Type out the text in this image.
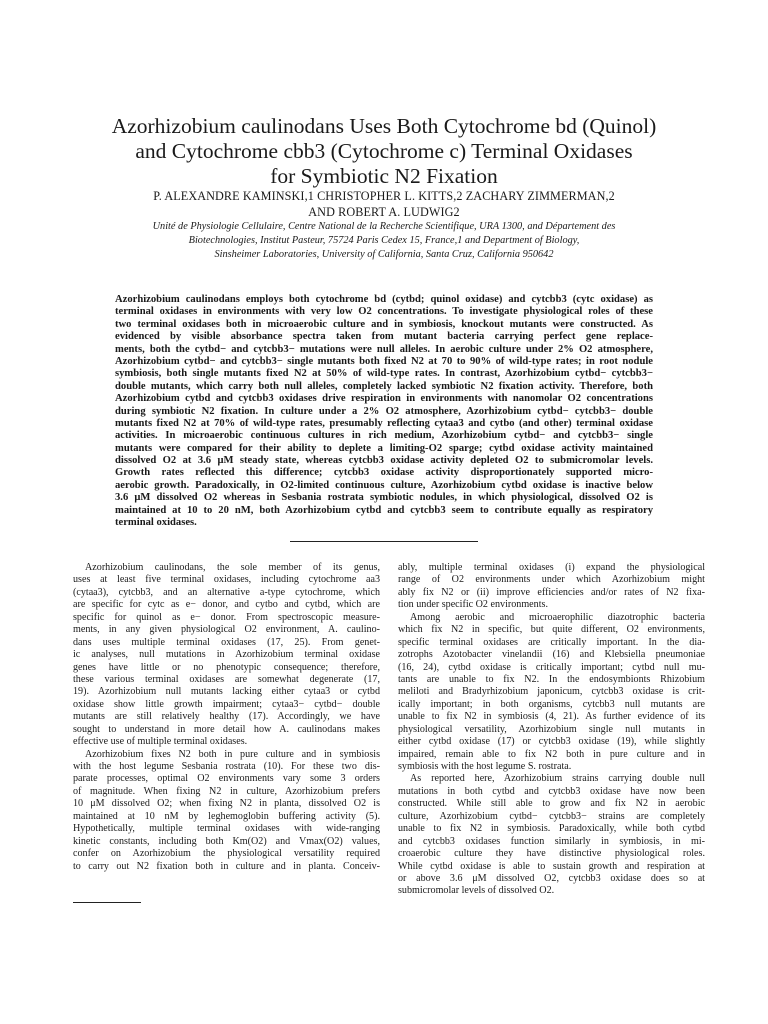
Azorhizobium caulinodans Uses Both Cytochrome bd (Quinol)
and Cytochrome cbb3 (Cytochrome c) Terminal Oxidases
for Symbiotic N2 Fixation
P. ALEXANDRE KAMINSKI,1 CHRISTOPHER L. KITTS,2 ZACHARY ZIMMERMAN,2
AND ROBERT A. LUDWIG2
Unité de Physiologie Cellulaire, Centre National de la Recherche Scientifique, URA 1300, and Département des
Biotechnologies, Institut Pasteur, 75724 Paris Cedex 15, France,1 and Department of Biology,
Sinsheimer Laboratories, University of California, Santa Cruz, California 950642
Azorhizobium caulinodans employs both cytochrome bd (cytbd; quinol oxidase) and cytcbb3 (cytc oxidase) as
terminal oxidases in environments with very low O2 concentrations. To investigate physiological roles of these
two terminal oxidases both in microaerobic culture and in symbiosis, knockout mutants were constructed. As
evidenced by visible absorbance spectra taken from mutant bacteria carrying perfect gene replace-
ments, both the cytbd− and cytcbb3− mutations were null alleles. In aerobic culture under 2% O2 atmosphere,
Azorhizobium cytbd− and cytcbb3− single mutants both fixed N2 at 70 to 90% of wild-type rates; in root nodule
symbiosis, both single mutants fixed N2 at 50% of wild-type rates. In contrast, Azorhizobium cytbd− cytcbb3−
double mutants, which carry both null alleles, completely lacked symbiotic N2 fixation activity. Therefore, both
Azorhizobium cytbd and cytcbb3 oxidases drive respiration in environments with nanomolar O2 concentrations
during symbiotic N2 fixation. In culture under a 2% O2 atmosphere, Azorhizobium cytbd− cytcbb3− double
mutants fixed N2 at 70% of wild-type rates, presumably reflecting cytaa3 and cytbo (and other) terminal oxidase
activities. In microaerobic continuous cultures in rich medium, Azorhizobium cytbd− and cytcbb3− single
mutants were compared for their ability to deplete a limiting-O2 sparge; cytbd oxidase activity maintained
dissolved O2 at 3.6 μM steady state, whereas cytcbb3 oxidase activity depleted O2 to submicromolar levels.
Growth rates reflected this difference; cytcbb3 oxidase activity disproportionately supported micro-
aerobic growth. Paradoxically, in O2-limited continuous culture, Azorhizobium cytbd oxidase is inactive below
3.6 μM dissolved O2 whereas in Sesbania rostrata symbiotic nodules, in which physiological, dissolved O2 is
maintained at 10 to 20 nM, both Azorhizobium cytbd and cytcbb3 seem to contribute equally as respiratory
terminal oxidases.
Azorhizobium caulinodans, the sole member of its genus,
uses at least five terminal oxidases, including cytochrome aa3
(cytaa3), cytcbb3, and an alternative a-type cytochrome, which
are specific for cytc as e− donor, and cytbo and cytbd, which are
specific for quinol as e− donor. From spectroscopic measure-
ments, in any given physiological O2 environment, A. caulino-
dans uses multiple terminal oxidases (17, 25). From genet-
ic analyses, null mutations in Azorhizobium terminal oxidase
genes have little or no phenotypic consequence; therefore,
these various terminal oxidases are somewhat degenerate (17,
19). Azorhizobium null mutants lacking either cytaa3 or cytbd
oxidase show little growth impairment; cytaa3− cytbd− double
mutants are still relatively healthy (17). Accordingly, we have
sought to understand in more detail how A. caulinodans makes
effective use of multiple terminal oxidases.
Azorhizobium fixes N2 both in pure culture and in symbiosis
with the host legume Sesbania rostrata (10). For these two dis-
parate processes, optimal O2 environments vary some 3 orders
of magnitude. When fixing N2 in culture, Azorhizobium prefers
10 μM dissolved O2; when fixing N2 in planta, dissolved O2 is
maintained at 10 nM by leghemoglobin buffering activity (5).
Hypothetically, multiple terminal oxidases with wide-ranging
kinetic constants, including both Km(O2) and Vmax(O2) values,
confer on Azorhizobium the physiological versatility required
to carry out N2 fixation both in culture and in planta. Conceiv-
ably, multiple terminal oxidases (i) expand the physiological
range of O2 environments under which Azorhizobium might
ably fix N2 or (ii) improve efficiencies and/or rates of N2 fixa-
tion under specific O2 environments.
Among aerobic and microaerophilic diazotrophic bacteria
which fix N2 in specific, but quite different, O2 environments,
specific terminal oxidases are critically important. In the dia-
zotrophs Azotobacter vinelandii (16) and Klebsiella pneumoniae
(16, 24), cytbd oxidase is critically important; cytbd null mu-
tants are unable to fix N2. In the endosymbionts Rhizobium
meliloti and Bradyrhizobium japonicum, cytcbb3 oxidase is crit-
ically important; in both organisms, cytcbb3 null mutants are
unable to fix N2 in symbiosis (4, 21). As further evidence of its
physiological versatility, Azorhizobium single null mutants in
either cytbd oxidase (17) or cytcbb3 oxidase (19), while slightly
impaired, remain able to fix N2 both in pure culture and in
symbiosis with the host legume S. rostrata.
As reported here, Azorhizobium strains carrying double null
mutations in both cytbd and cytcbb3 oxidase have now been
constructed. While still able to grow and fix N2 in aerobic
culture, Azorhizobium cytbd− cytcbb3− strains are completely
unable to fix N2 in symbiosis. Paradoxically, while both cytbd
and cytcbb3 oxidases function similarly in symbiosis, in mi-
croaerobic culture they have distinctive physiological roles.
While cytbd oxidase is able to sustain growth and respiration at
or above 3.6 μM dissolved O2, cytcbb3 oxidase does so at
submicromolar levels of dissolved O2.
